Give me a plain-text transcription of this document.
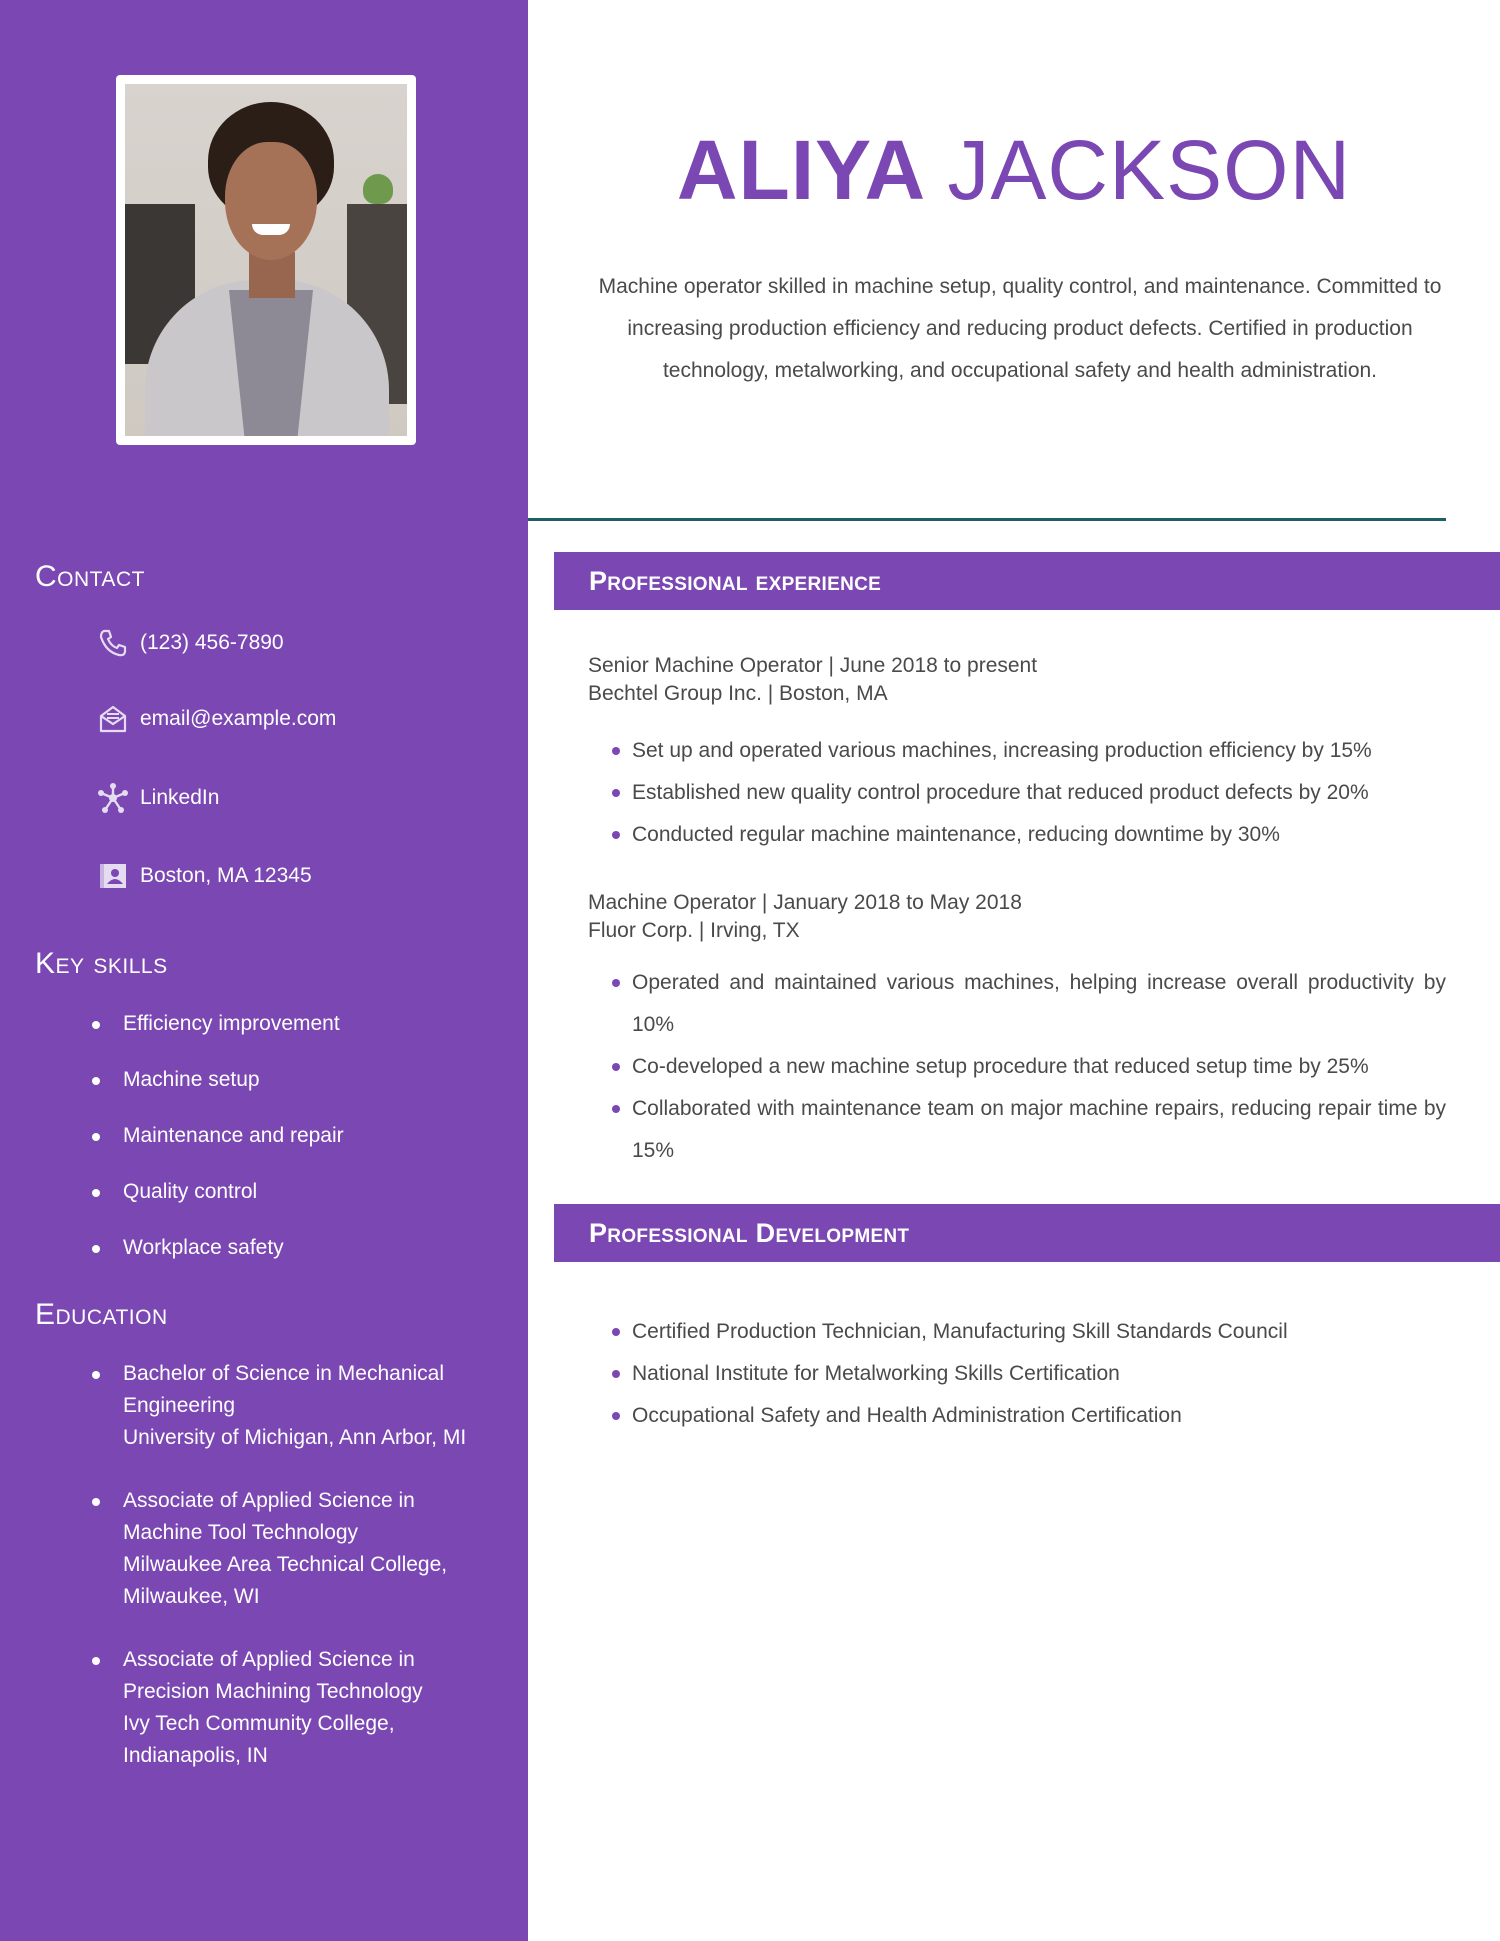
Contact
(123) 456-7890
email@example.com
LinkedIn
Boston, MA 12345
Key skills
Efficiency improvement
Machine setup
Maintenance and repair
Quality control
Workplace safety
Education
Bachelor of Science in Mechanical Engineering
University of Michigan, Ann Arbor, MI
Associate of Applied Science in Machine Tool Technology
Milwaukee Area Technical College, Milwaukee, WI
Associate of Applied Science in Precision Machining Technology
Ivy Tech Community College, Indianapolis, IN
ALIYA JACKSON

Machine operator skilled in machine setup, quality control, and maintenance. Committed to increasing production efficiency and reducing product defects. Certified in production technology, metalworking, and occupational safety and health administration.

Professional experience
Senior Machine Operator | June 2018 to present
Bechtel Group Inc. | Boston, MA
Set up and operated various machines, increasing production efficiency by 15%
Established new quality control procedure that reduced product defects by 20%
Conducted regular machine maintenance, reducing downtime by 30%
Machine Operator | January 2018 to May 2018
Fluor Corp. | Irving, TX
Operated and maintained various machines, helping increase overall productivity by 10%
Co-developed a new machine setup procedure that reduced setup time by 25%
Collaborated with maintenance team on major machine repairs, reducing repair time by 15%
Professional Development
Certified Production Technician, Manufacturing Skill Standards Council
National Institute for Metalworking Skills Certification
Occupational Safety and Health Administration Certification
